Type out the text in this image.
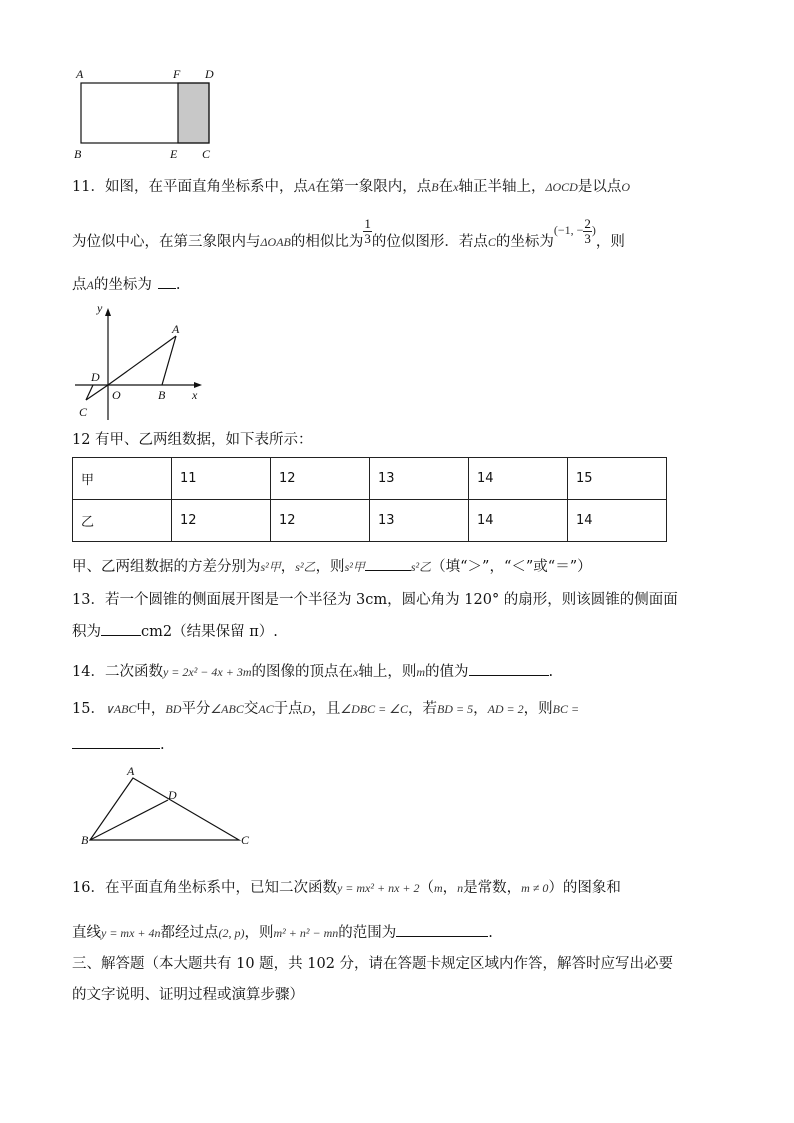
A	F D
B	E C
11．如图，在平面直角坐标系中，点A在第一象限内，点B在x轴正半轴上，ΔOCD是以点O
为位似中心，在第三象限内与ΔOAB的相似比为 $\frac{1}{3}$ 的位似图形．若点C的坐标为$^{(-1, -} \frac{2}{3} ^)$，则
点A的坐标为 .
y
A
D
O	B x
C
12 有甲、乙两组数据，如下表所示：
甲	11	12	13	14	15
乙	12	12	13	14	14
甲、乙两组数据的方差分别为s²甲，s²乙，则s²甲	s²乙（填“＞”，“＜”或“＝”）
13．若一个圆锥的侧面展开图是一个半径为 3cm，圆心角为 120° 的扇形，则该圆锥的侧面面
积为	cm2（结果保留 π）.
14．二次函数y = 2x² − 4x + 3m的图像的顶点在x轴上，则m的值为	.
15．∨ABC中，BD平分∠ABC交AC于点D，且∠DBC = ∠C，若BD = 5，AD = 2，则BC =
.
A
D
B	C
16．在平面直角坐标系中，已知二次函数y = mx² + nx + 2（m，n是常数，m ≠ 0）的图象和
直线y = mx + 4n都经过点(2, p)，则m² + n² − mn的范围为	.
三、解答题（本大题共有 10 题，共 102 分，请在答题卡规定区域内作答，解答时应写出必要
的文字说明、证明过程或演算步骤）
